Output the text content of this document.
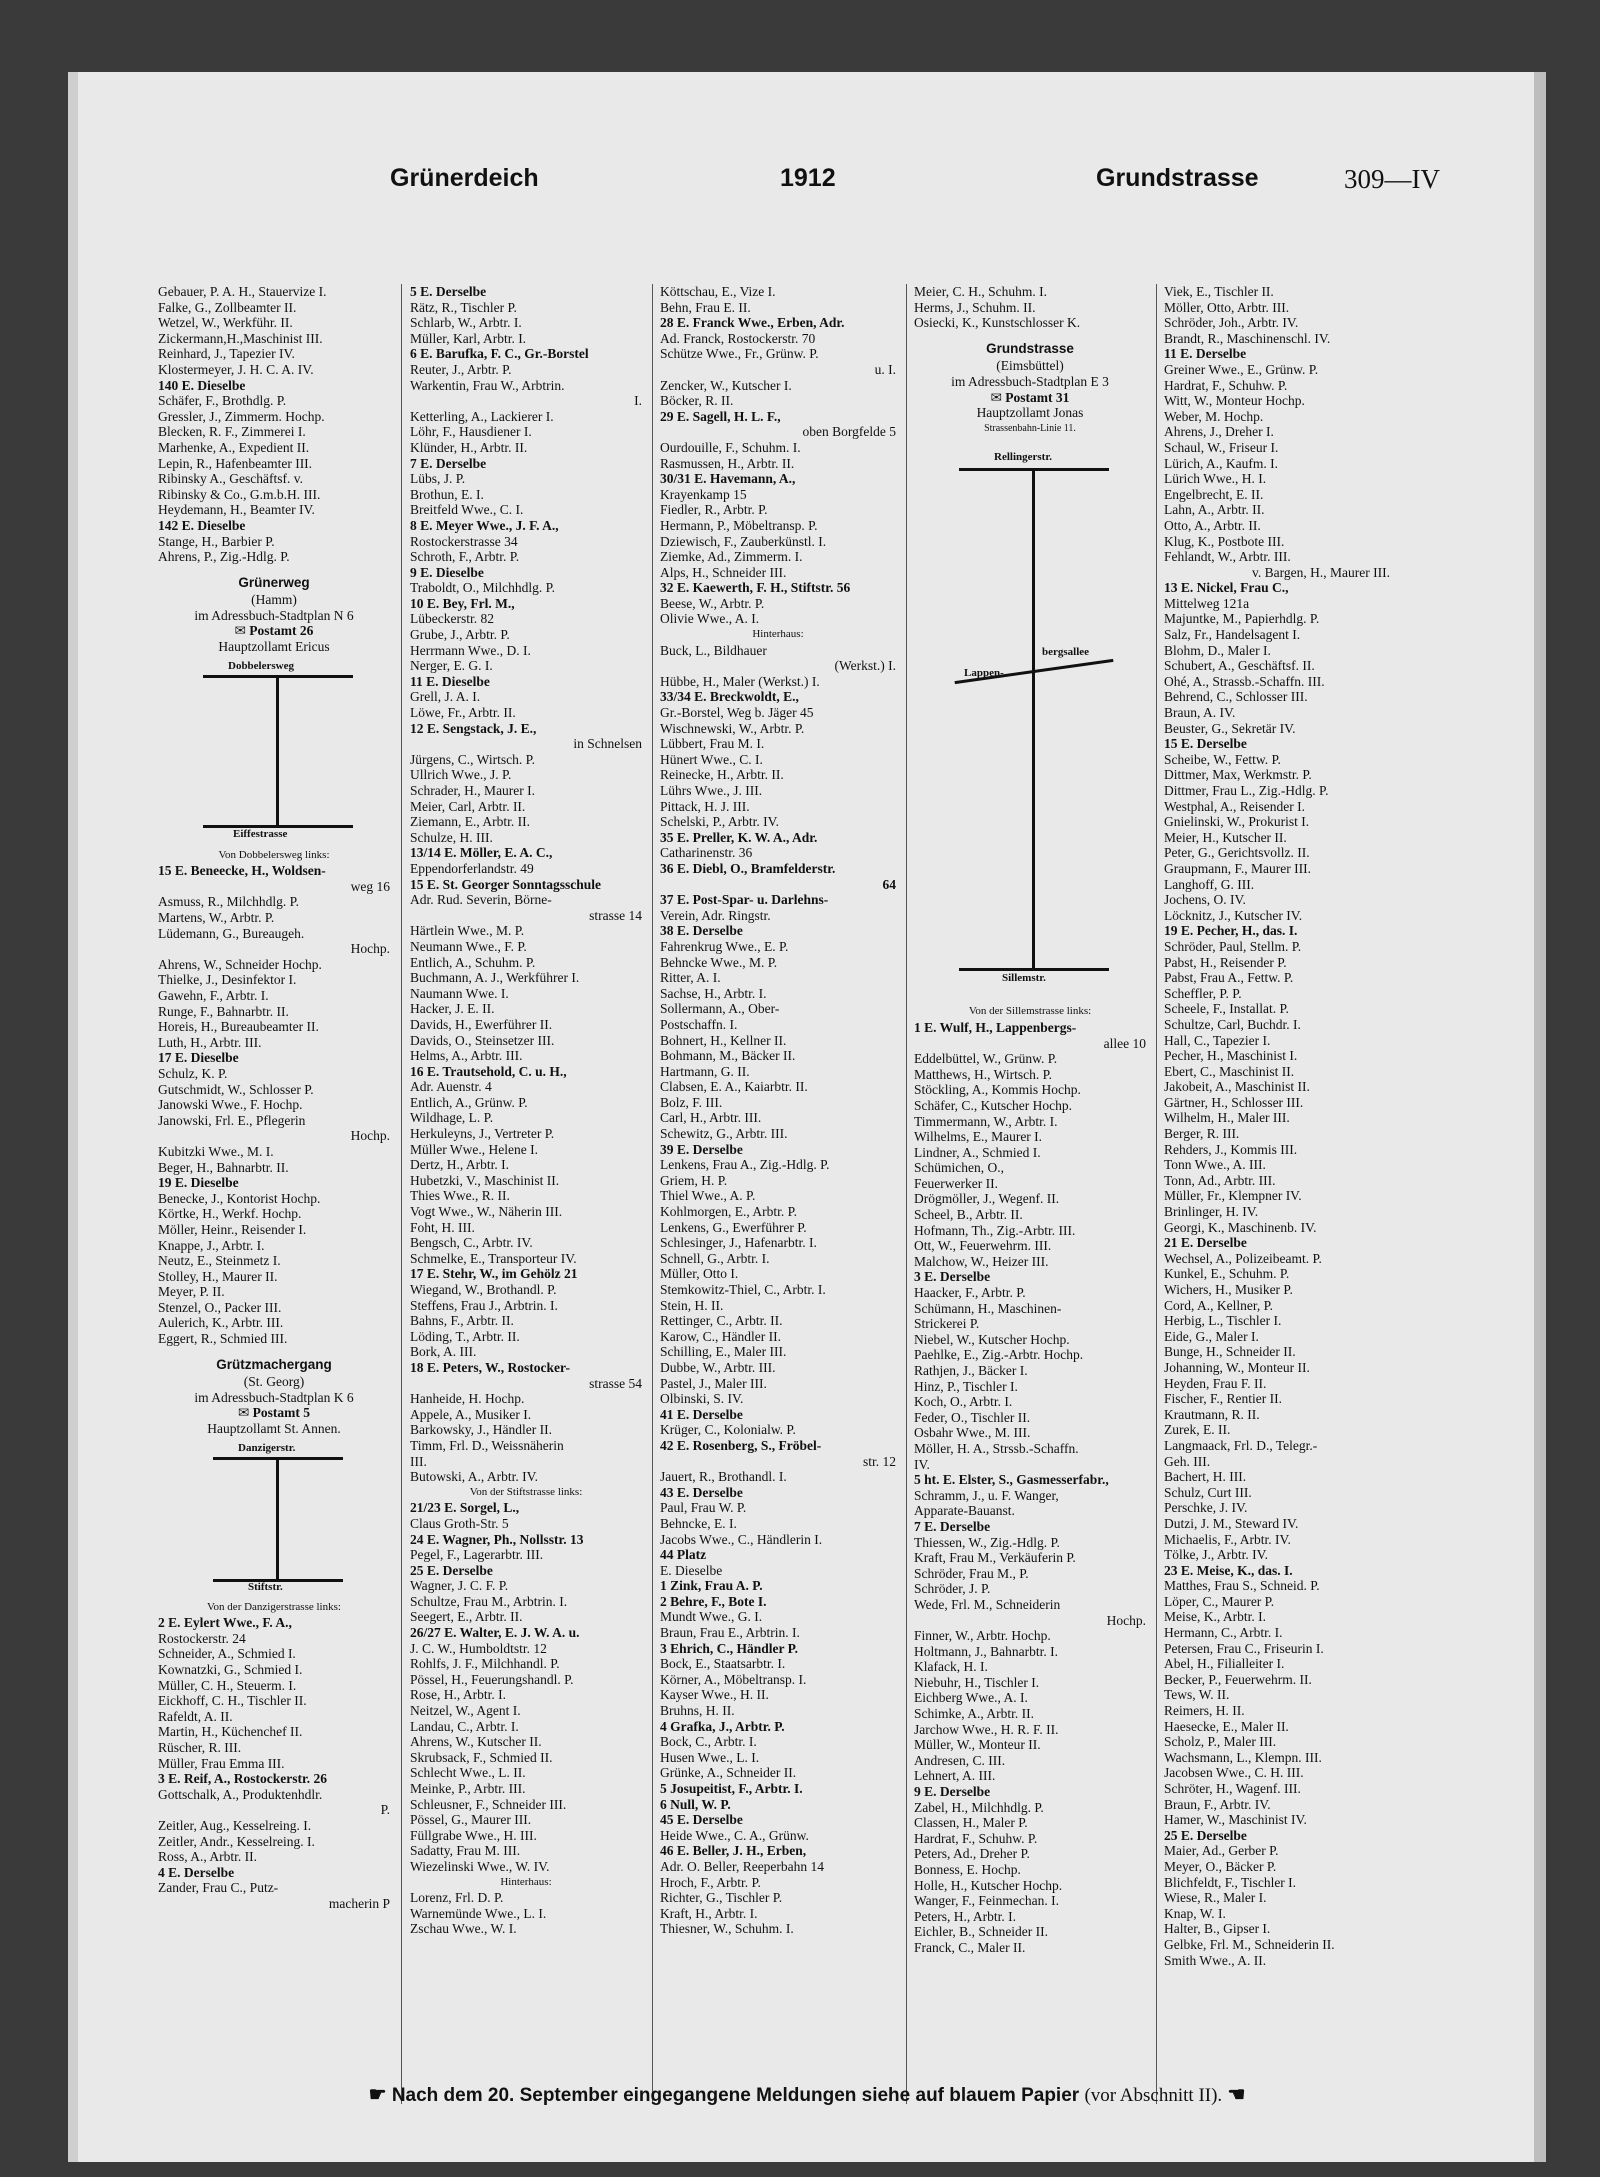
Grünerdeich	1912	Grundstrasse	309—IV
Gebauer, P. A. H., Stauervize I.
Falke, G., Zollbeamter II.
Wetzel, W., Werkführ. II.
Zickermann,H.,Maschinist III.
Reinhard, J., Tapezier IV.
Klostermeyer, J. H. C. A. IV.
140 E. Dieselbe
Schäfer, F., Brothdlg. P.
Gressler, J., Zimmerm. Hochp.
Blecken, R. F., Zimmerei I.
Marhenke, A., Expedient II.
Lepin, R., Hafenbeamter III.
Ribinsky A., Geschäftsf. v.
Ribinsky & Co., G.m.b.H. III.
Heydemann, H., Beamter IV.
142 E. Dieselbe
Stange, H., Barbier P.
Ahrens, P., Zig.-Hdlg. P.
Grünerweg
(Hamm)
im Adressbuch-Stadtplan N 6
✉ Postamt 26
Hauptzollamt Ericus
Dobbelersweg
Eiffestrasse
Von Dobbelersweg links:
15 E. Beneecke, H., Woldsen-
weg 16
Asmuss, R., Milchhdlg. P.
Martens, W., Arbtr. P.
Lüdemann, G., Bureaugeh.
Hochp.
Ahrens, W., Schneider Hochp.
Thielke, J., Desinfektor I.
Gawehn, F., Arbtr. I.
Runge, F., Bahnarbtr. II.
Horeis, H., Bureaubeamter II.
Luth, H., Arbtr. III.
17 E. Dieselbe
Schulz, K. P.
Gutschmidt, W., Schlosser P.
Janowski Wwe., F. Hochp.
Janowski, Frl. E., Pflegerin
Hochp.
Kubitzki Wwe., M. I.
Beger, H., Bahnarbtr. II.
19 E. Dieselbe
Benecke, J., Kontorist Hochp.
Körtke, H., Werkf. Hochp.
Möller, Heinr., Reisender I.
Knappe, J., Arbtr. I.
Neutz, E., Steinmetz I.
Stolley, H., Maurer II.
Meyer, P. II.
Stenzel, O., Packer III.
Aulerich, K., Arbtr. III.
Eggert, R., Schmied III.
Grützmachergang
(St. Georg)
im Adressbuch-Stadtplan K 6
✉ Postamt 5
Hauptzollamt St. Annen.
Danzigerstr.
Stiftstr.
Von der Danzigerstrasse links:
2 E. Eylert Wwe., F. A.,
Rostockerstr. 24
Schneider, A., Schmied I.
Kownatzki, G., Schmied I.
Müller, C. H., Steuerm. I.
Eickhoff, C. H., Tischler II.
Rafeldt, A. II.
Martin, H., Küchenchef II.
Rüscher, R. III.
Müller, Frau Emma III.
3 E. Reif, A., Rostockerstr. 26
Gottschalk, A., Produktenhdlr.
P.
Zeitler, Aug., Kesselreing. I.
Zeitler, Andr., Kesselreing. I.
Ross, A., Arbtr. II.
4 E. Derselbe
Zander, Frau C., Putz-
macherin P
5 E. Derselbe
Rätz, R., Tischler P.
Schlarb, W., Arbtr. I.
Müller, Karl, Arbtr. I.
6 E. Barufka, F. C., Gr.-Borstel
Reuter, J., Arbtr. P.
Warkentin, Frau W., Arbtrin.
I.
Ketterling, A., Lackierer I.
Löhr, F., Hausdiener I.
Klünder, H., Arbtr. II.
7 E. Derselbe
Lübs, J. P.
Brothun, E. I.
Breitfeld Wwe., C. I.
8 E. Meyer Wwe., J. F. A.,
Rostockerstrasse 34
Schroth, F., Arbtr. P.
9 E. Dieselbe
Traboldt, O., Milchhdlg. P.
10 E. Bey, Frl. M.,
Lübeckerstr. 82
Grube, J., Arbtr. P.
Herrmann Wwe., D. I.
Nerger, E. G. I.
11 E. Dieselbe
Grell, J. A. I.
Löwe, Fr., Arbtr. II.
12 E. Sengstack, J. E.,
in Schnelsen
Jürgens, C., Wirtsch. P.
Ullrich Wwe., J. P.
Schrader, H., Maurer I.
Meier, Carl, Arbtr. II.
Ziemann, E., Arbtr. II.
Schulze, H. III.
13/14 E. Möller, E. A. C.,
Eppendorferlandstr. 49
15 E. St. Georger Sonntagsschule
Adr. Rud. Severin, Börne-
strasse 14
Härtlein Wwe., M. P.
Neumann Wwe., F. P.
Entlich, A., Schuhm. P.
Buchmann, A. J., Werkführer I.
Naumann Wwe. I.
Hacker, J. E. II.
Davids, H., Ewerführer II.
Davids, O., Steinsetzer III.
Helms, A., Arbtr. III.
16 E. Trautsehold, C. u. H.,
Adr. Auenstr. 4
Entlich, A., Grünw. P.
Wildhage, L. P.
Herkuleyns, J., Vertreter P.
Müller Wwe., Helene I.
Dertz, H., Arbtr. I.
Hubetzki, V., Maschinist II.
Thies Wwe., R. II.
Vogt Wwe., W., Näherin III.
Foht, H. III.
Bengsch, C., Arbtr. IV.
Schmelke, E., Transporteur IV.
17 E. Stehr, W., im Gehölz 21
Wiegand, W., Brothandl. P.
Steffens, Frau J., Arbtrin. I.
Bahns, F., Arbtr. II.
Löding, T., Arbtr. II.
Bork, A. III.
18 E. Peters, W., Rostocker-
strasse 54
Hanheide, H. Hochp.
Appele, A., Musiker I.
Barkowsky, J., Händler II.
Timm, Frl. D., Weissnäherin
III.
Butowski, A., Arbtr. IV.
Von der Stiftstrasse links:
21/23 E. Sorgel, L.,
Claus Groth-Str. 5
24 E. Wagner, Ph., Nollsstr. 13
Pegel, F., Lagerarbtr. III.
25 E. Derselbe
Wagner, J. C. F. P.
Schultze, Frau M., Arbtrin. I.
Seegert, E., Arbtr. II.
26/27 E. Walter, E. J. W. A. u.
J. C. W., Humboldtstr. 12
Rohlfs, J. F., Milchhandl. P.
Pössel, H., Feuerungshandl. P.
Rose, H., Arbtr. I.
Neitzel, W., Agent I.
Landau, C., Arbtr. I.
Ahrens, W., Kutscher II.
Skrubsack, F., Schmied II.
Schlecht Wwe., L. II.
Meinke, P., Arbtr. III.
Schleusner, F., Schneider III.
Pössel, G., Maurer III.
Füllgrabe Wwe., H. III.
Sadatty, Frau M. III.
Wiezelinski Wwe., W. IV.
Hinterhaus:
Lorenz, Frl. D. P.
Warnemünde Wwe., L. I.
Zschau Wwe., W. I.
Köttschau, E., Vize I.
Behn, Frau E. II.
28 E. Franck Wwe., Erben, Adr.
Ad. Franck, Rostockerstr. 70
Schütze Wwe., Fr., Grünw. P.
u. I.
Zencker, W., Kutscher I.
Böcker, R. II.
29 E. Sagell, H. L. F.,
oben Borgfelde 5
Ourdouille, F., Schuhm. I.
Rasmussen, H., Arbtr. II.
30/31 E. Havemann, A.,
Krayenkamp 15
Fiedler, R., Arbtr. P.
Hermann, P., Möbeltransp. P.
Dziewisch, F., Zauberkünstl. I.
Ziemke, Ad., Zimmerm. I.
Alps, H., Schneider III.
32 E. Kaewerth, F. H., Stiftstr. 56
Beese, W., Arbtr. P.
Olivie Wwe., A. I.
Hinterhaus:
Buck, L., Bildhauer
(Werkst.) I.
Hübbe, H., Maler (Werkst.) I.
33/34 E. Breckwoldt, E.,
Gr.-Borstel, Weg b. Jäger 45
Wischnewski, W., Arbtr. P.
Lübbert, Frau M. I.
Hünert Wwe., C. I.
Reinecke, H., Arbtr. II.
Lührs Wwe., J. III.
Pittack, H. J. III.
Schelski, P., Arbtr. IV.
35 E. Preller, K. W. A., Adr.
Catharinenstr. 36
36 E. Diebl, O., Bramfelderstr.
64
37 E. Post-Spar- u. Darlehns-
Verein, Adr. Ringstr.
38 E. Derselbe
Fahrenkrug Wwe., E. P.
Behncke Wwe., M. P.
Ritter, A. I.
Sachse, H., Arbtr. I.
Sollermann, A., Ober-
Postschaffn. I.
Bohnert, H., Kellner II.
Bohmann, M., Bäcker II.
Hartmann, G. II.
Clabsen, E. A., Kaiarbtr. II.
Bolz, F. III.
Carl, H., Arbtr. III.
Schewitz, G., Arbtr. III.
39 E. Derselbe
Lenkens, Frau A., Zig.-Hdlg. P.
Griem, H. P.
Thiel Wwe., A. P.
Kohlmorgen, E., Arbtr. P.
Lenkens, G., Ewerführer P.
Schlesinger, J., Hafenarbtr. I.
Schnell, G., Arbtr. I.
Müller, Otto I.
Stemkowitz-Thiel, C., Arbtr. I.
Stein, H. II.
Rettinger, C., Arbtr. II.
Karow, C., Händler II.
Schilling, E., Maler III.
Dubbe, W., Arbtr. III.
Pastel, J., Maler III.
Olbinski, S. IV.
41 E. Derselbe
Krüger, C., Kolonialw. P.
42 E. Rosenberg, S., Fröbel-
str. 12
Jauert, R., Brothandl. I.
43 E. Derselbe
Paul, Frau W. P.
Behncke, E. I.
Jacobs Wwe., C., Händlerin I.
44 Platz
E. Dieselbe
1 Zink, Frau A. P.
2 Behre, F., Bote I.
Mundt Wwe., G. I.
Braun, Frau E., Arbtrin. I.
3 Ehrich, C., Händler P.
Bock, E., Staatsarbtr. I.
Körner, A., Möbeltransp. I.
Kayser Wwe., H. II.
Bruhns, H. II.
4 Grafka, J., Arbtr. P.
Bock, C., Arbtr. I.
Husen Wwe., L. I.
Grünke, A., Schneider II.
5 Josupeitist, F., Arbtr. I.
6 Null, W. P.
45 E. Derselbe
Heide Wwe., C. A., Grünw.
46 E. Beller, J. H., Erben,
Adr. O. Beller, Reeperbahn 14
Hroch, F., Arbtr. P.
Richter, G., Tischler P.
Kraft, H., Arbtr. I.
Thiesner, W., Schuhm. I.
Meier, C. H., Schuhm. I.
Herms, J., Schuhm. II.
Osiecki, K., Kunstschlosser K.
Grundstrasse
(Eimsbüttel)
im Adressbuch-Stadtplan E 3
✉ Postamt 31
Hauptzollamt Jonas
Strassenbahn-Linie 11.
Rellingerstr.
Lappen-
bergsallee
Sillemstr.
Von der Sillemstrasse links:
1 E. Wulf, H., Lappenbergs-
allee 10
Eddelbüttel, W., Grünw. P.
Matthews, H., Wirtsch. P.
Stöckling, A., Kommis Hochp.
Schäfer, C., Kutscher Hochp.
Timmermann, W., Arbtr. I.
Wilhelms, E., Maurer I.
Lindner, A., Schmied I.
Schümichen, O.,
Feuerwerker II.
Drögmöller, J., Wegenf. II.
Scheel, B., Arbtr. II.
Hofmann, Th., Zig.-Arbtr. III.
Ott, W., Feuerwehrm. III.
Malchow, W., Heizer III.
3 E. Derselbe
Haacker, F., Arbtr. P.
Schümann, H., Maschinen-
Strickerei P.
Niebel, W., Kutscher Hochp.
Paehlke, E., Zig.-Arbtr. Hochp.
Rathjen, J., Bäcker I.
Hinz, P., Tischler I.
Koch, O., Arbtr. I.
Feder, O., Tischler II.
Osbahr Wwe., M. III.
Möller, H. A., Strssb.-Schaffn.
IV.
5 ht. E. Elster, S., Gasmesserfabr.,
Schramm, J., u. F. Wanger,
Apparate-Bauanst.
7 E. Derselbe
Thiessen, W., Zig.-Hdlg. P.
Kraft, Frau M., Verkäuferin P.
Schröder, Frau M., P.
Schröder, J. P.
Wede, Frl. M., Schneiderin
Hochp.
Finner, W., Arbtr. Hochp.
Holtmann, J., Bahnarbtr. I.
Klafack, H. I.
Niebuhr, H., Tischler I.
Eichberg Wwe., A. I.
Schimke, A., Arbtr. II.
Jarchow Wwe., H. R. F. II.
Müller, W., Monteur II.
Andresen, C. III.
Lehnert, A. III.
9 E. Derselbe
Zabel, H., Milchhdlg. P.
Classen, H., Maler P.
Hardrat, F., Schuhw. P.
Peters, Ad., Dreher P.
Bonness, E. Hochp.
Holle, H., Kutscher Hochp.
Wanger, F., Feinmechan. I.
Peters, H., Arbtr. I.
Eichler, B., Schneider II.
Franck, C., Maler II.
Viek, E., Tischler II.
Möller, Otto, Arbtr. III.
Schröder, Joh., Arbtr. IV.
Brandt, R., Maschinenschl. IV.
11 E. Derselbe
Greiner Wwe., E., Grünw. P.
Hardrat, F., Schuhw. P.
Witt, W., Monteur Hochp.
Weber, M. Hochp.
Ahrens, J., Dreher I.
Schaul, W., Friseur I.
Lürich, A., Kaufm. I.
Lürich Wwe., H. I.
Engelbrecht, E. II.
Lahn, A., Arbtr. II.
Otto, A., Arbtr. II.
Klug, K., Postbote III.
Fehlandt, W., Arbtr. III.
v. Bargen, H., Maurer III.
13 E. Nickel, Frau C.,
Mittelweg 121a
Majuntke, M., Papierhdlg. P.
Salz, Fr., Handelsagent I.
Blohm, D., Maler I.
Schubert, A., Geschäftsf. II.
Ohé, A., Strassb.-Schaffn. III.
Behrend, C., Schlosser III.
Braun, A. IV.
Beuster, G., Sekretär IV.
15 E. Derselbe
Scheibe, W., Fettw. P.
Dittmer, Max, Werkmstr. P.
Dittmer, Frau L., Zig.-Hdlg. P.
Westphal, A., Reisender I.
Gnielinski, W., Prokurist I.
Meier, H., Kutscher II.
Peter, G., Gerichtsvollz. II.
Graupmann, F., Maurer III.
Langhoff, G. III.
Jochens, O. IV.
Löcknitz, J., Kutscher IV.
19 E. Pecher, H., das. I.
Schröder, Paul, Stellm. P.
Pabst, H., Reisender P.
Pabst, Frau A., Fettw. P.
Scheffler, P. P.
Scheele, F., Installat. P.
Schultze, Carl, Buchdr. I.
Hall, C., Tapezier I.
Pecher, H., Maschinist I.
Ebert, C., Maschinist II.
Jakobeit, A., Maschinist II.
Gärtner, H., Schlosser III.
Wilhelm, H., Maler III.
Berger, R. III.
Rehders, J., Kommis III.
Tonn Wwe., A. III.
Tonn, Ad., Arbtr. III.
Müller, Fr., Klempner IV.
Brinlinger, H. IV.
Georgi, K., Maschinenb. IV.
21 E. Derselbe
Wechsel, A., Polizeibeamt. P.
Kunkel, E., Schuhm. P.
Wichers, H., Musiker P.
Cord, A., Kellner, P.
Herbig, L., Tischler I.
Eide, G., Maler I.
Bunge, H., Schneider II.
Johanning, W., Monteur II.
Heyden, Frau F. II.
Fischer, F., Rentier II.
Krautmann, R. II.
Zurek, E. II.
Langmaack, Frl. D., Telegr.-
Geh. III.
Bachert, H. III.
Schulz, Curt III.
Perschke, J. IV.
Dutzi, J. M., Steward IV.
Michaelis, F., Arbtr. IV.
Tölke, J., Arbtr. IV.
23 E. Meise, K., das. I.
Matthes, Frau S., Schneid. P.
Löper, C., Maurer P.
Meise, K., Arbtr. I.
Hermann, C., Arbtr. I.
Petersen, Frau C., Friseurin I.
Abel, H., Filialleiter I.
Becker, P., Feuerwehrm. II.
Tews, W. II.
Reimers, H. II.
Haesecke, E., Maler II.
Scholz, P., Maler III.
Wachsmann, L., Klempn. III.
Jacobsen Wwe., C. H. III.
Schröter, H., Wagenf. III.
Braun, F., Arbtr. IV.
Hamer, W., Maschinist IV.
25 E. Derselbe
Maier, Ad., Gerber P.
Meyer, O., Bäcker P.
Blichfeldt, F., Tischler I.
Wiese, R., Maler I.
Knap, W. I.
Halter, B., Gipser I.
Gelbke, Frl. M., Schneiderin II.
Smith Wwe., A. II.
☛ Nach dem 20. September eingegangene Meldungen siehe auf blauem Papier (vor Abschnitt II). ☚
